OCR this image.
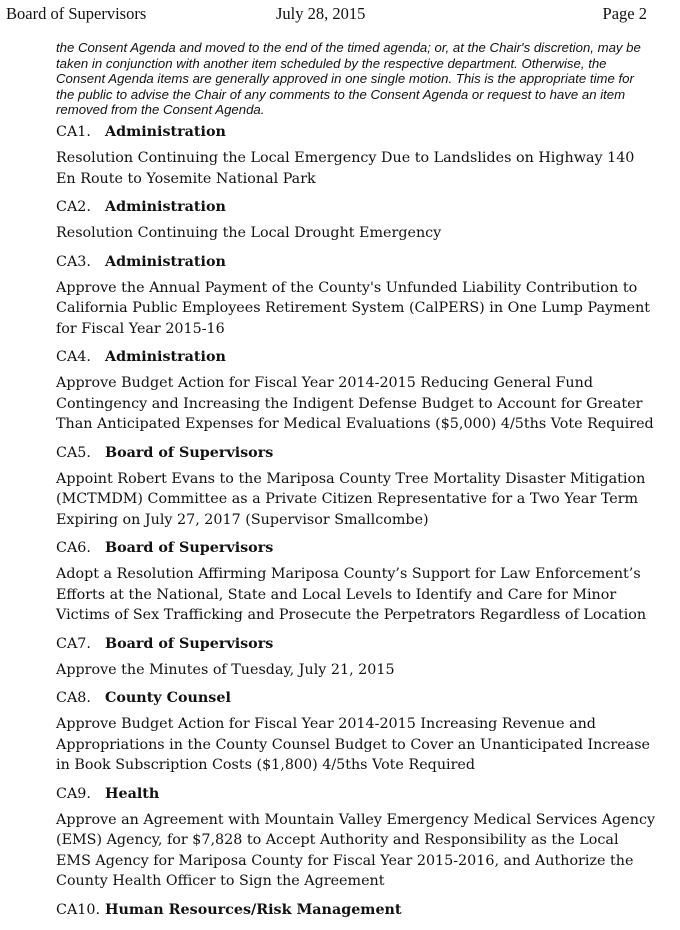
Board of Supervisors	July 28, 2015	Page 2

the Consent Agenda and moved to the end of the timed agenda; or, at the Chair's discretion, may be taken in conjunction with another item scheduled by the respective department. Otherwise, the Consent Agenda items are generally approved in one single motion. This is the appropriate time for the public to advise the Chair of any comments to the Consent Agenda or request to have an item removed from the Consent Agenda.

CA1. Administration

Resolution Continuing the Local Emergency Due to Landslides on Highway 140 En Route to Yosemite National Park

CA2. Administration

Resolution Continuing the Local Drought Emergency

CA3. Administration

Approve the Annual Payment of the County's Unfunded Liability Contribution to California Public Employees Retirement System (CalPERS) in One Lump Payment for Fiscal Year 2015-16

CA4. Administration

Approve Budget Action for Fiscal Year 2014-2015 Reducing General Fund Contingency and Increasing the Indigent Defense Budget to Account for Greater Than Anticipated Expenses for Medical Evaluations ($5,000) 4/5ths Vote Required

CA5. Board of Supervisors

Appoint Robert Evans to the Mariposa County Tree Mortality Disaster Mitigation (MCTMDM) Committee as a Private Citizen Representative for a Two Year Term Expiring on July 27, 2017 (Supervisor Smallcombe)

CA6. Board of Supervisors

Adopt a Resolution Affirming Mariposa County’s Support for Law Enforcement’s Efforts at the National, State and Local Levels to Identify and Care for Minor Victims of Sex Trafficking and Prosecute the Perpetrators Regardless of Location

CA7. Board of Supervisors

Approve the Minutes of Tuesday, July 21, 2015

CA8. County Counsel

Approve Budget Action for Fiscal Year 2014-2015 Increasing Revenue and Appropriations in the County Counsel Budget to Cover an Unanticipated Increase in Book Subscription Costs ($1,800) 4/5ths Vote Required

CA9. Health

Approve an Agreement with Mountain Valley Emergency Medical Services Agency (EMS) Agency, for $7,828 to Accept Authority and Responsibility as the Local EMS Agency for Mariposa County for Fiscal Year 2015-2016, and Authorize the County Health Officer to Sign the Agreement

CA10. Human Resources/Risk Management
